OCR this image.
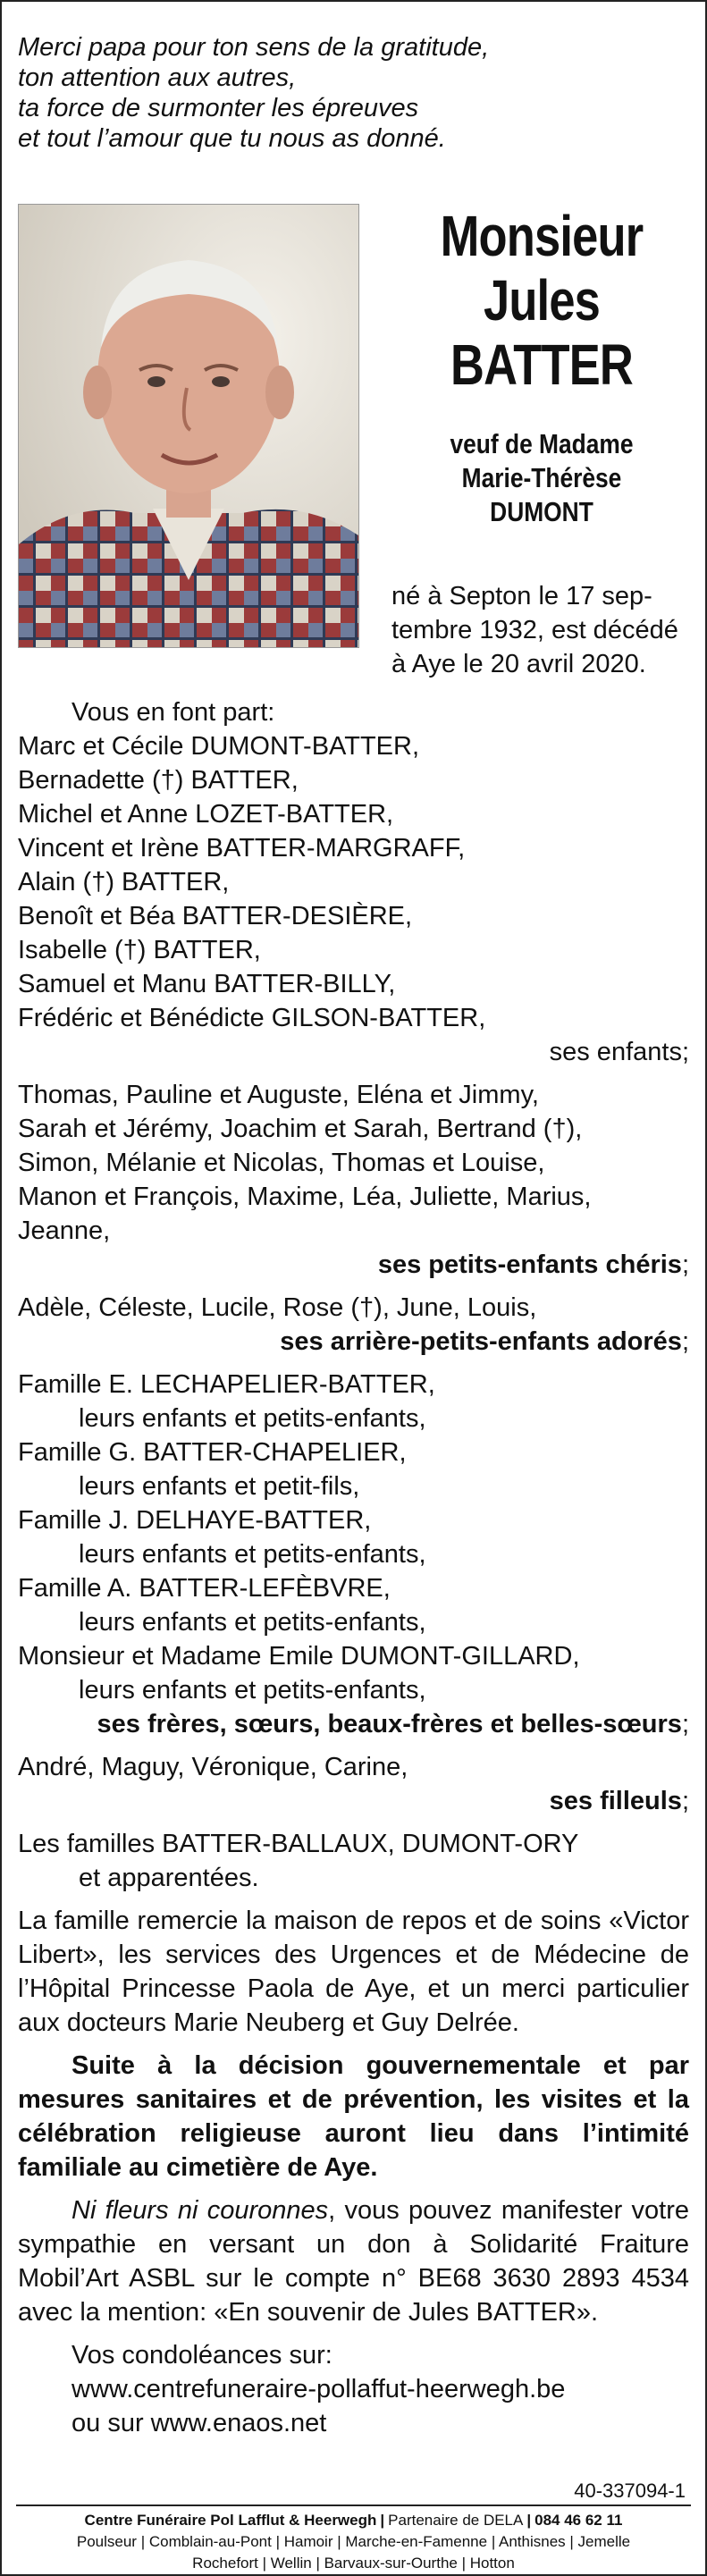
Merci papa pour ton sens de la gratitude,
ton attention aux autres,
ta force de surmonter les épreuves
et tout l’amour que tu nous as donné.
Monsieur
Jules
BATTER
veuf de Madame
Marie-Thérèse
DUMONT
né à Septon le 17 sep-
tembre 1932, est décédé
à Aye le 20 avril 2020.
Vous en font part:
Marc et Cécile DUMONT-BATTER,
Bernadette (†) BATTER,
Michel et Anne LOZET-BATTER,
Vincent et Irène BATTER-MARGRAFF,
Alain (†) BATTER,
Benoît et Béa BATTER-DESIÈRE,
Isabelle (†) BATTER,
Samuel et Manu BATTER-BILLY,
Frédéric et Bénédicte GILSON-BATTER,
ses enfants;
Thomas, Pauline et Auguste, Eléna et Jimmy,
Sarah et Jérémy, Joachim et Sarah, Bertrand (†),
Simon, Mélanie et Nicolas, Thomas et Louise,
Manon et François, Maxime, Léa, Juliette, Marius,
Jeanne,
ses petits-enfants chéris;
Adèle, Céleste, Lucile, Rose (†), June, Louis,
ses arrière-petits-enfants adorés;
Famille E. LECHAPELIER-BATTER,
leurs enfants et petits-enfants,
Famille G. BATTER-CHAPELIER,
leurs enfants et petit-fils,
Famille J. DELHAYE-BATTER,
leurs enfants et petits-enfants,
Famille A. BATTER-LEFÈBVRE,
leurs enfants et petits-enfants,
Monsieur et Madame Emile DUMONT-GILLARD,
leurs enfants et petits-enfants,
ses frères, sœurs, beaux-frères et belles-sœurs;
André, Maguy, Véronique, Carine,
ses filleuls;
Les familles BATTER-BALLAUX, DUMONT-ORY
et apparentées.
La famille remercie la maison de repos et de soins «Victor Libert», les services des Urgences et de Médecine de l’Hôpital Princesse Paola de Aye, et un merci particulier aux docteurs Marie Neuberg et Guy Delrée.
Suite à la décision gouvernementale et par mesures sanitaires et de prévention, les visites et la célébration religieuse auront lieu dans l’intimité familiale au cimetière de Aye.
Ni fleurs ni couronnes, vous pouvez manifester votre sympathie en versant un don à Solidarité Fraiture Mobil’Art ASBL sur le compte n° BE68 3630 2893 4534 avec la mention: «En souvenir de Jules BATTER».
Vos condoléances sur:
www.centrefuneraire-pollaffut-heerwegh.be
ou sur www.enaos.net
40-337094-1
Centre Funéraire Pol Lafflut & Heerwegh | Partenaire de DELA | 084 46 62 11
Poulseur | Comblain-au-Pont | Hamoir | Marche-en-Famenne | Anthisnes | Jemelle
Rochefort | Wellin | Barvaux-sur-Ourthe | Hotton
